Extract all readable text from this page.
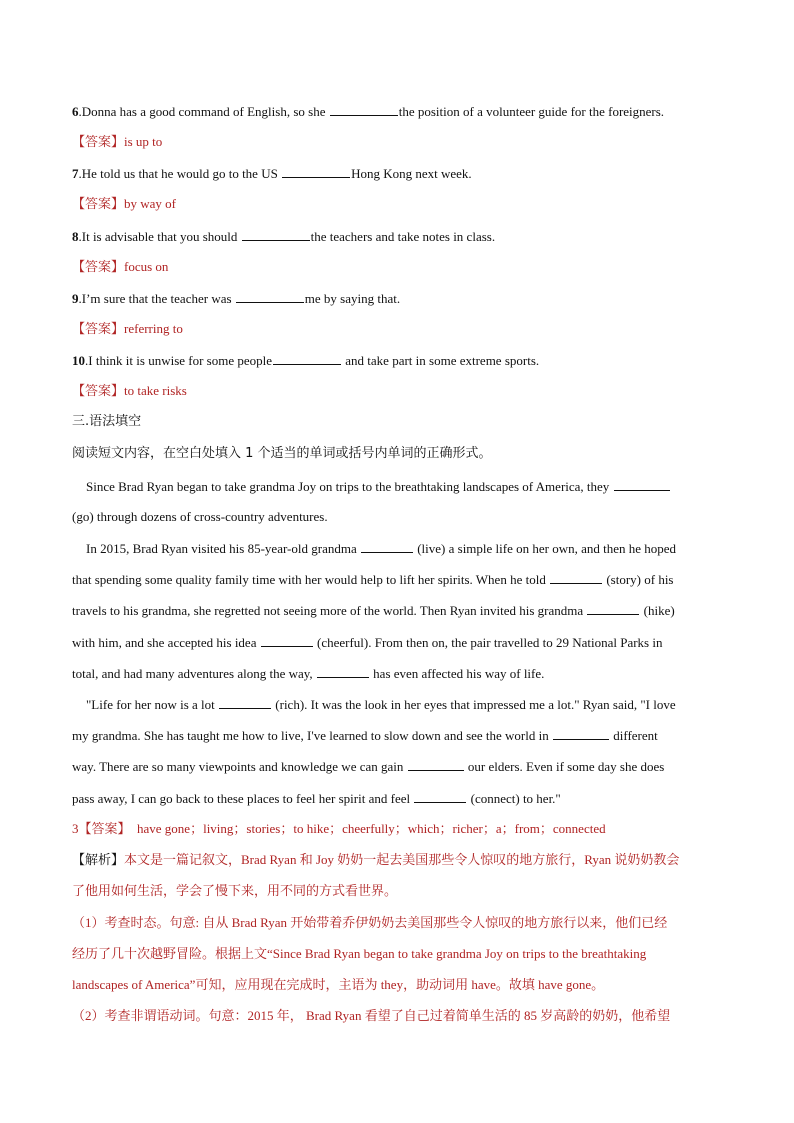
6.Donna has a good command of English, so she	the position of a volunteer guide for the foreigners.
【答案】is up to
7.He told us that he would go to the US	Hong Kong next week.
【答案】by way of
8.It is advisable that you should	the teachers and take notes in class.
【答案】focus on
9.I’m sure that the teacher was	me by saying that.
【答案】referring to
10.I think it is unwise for some people	and take part in some extreme sports.
【答案】to take risks
三.语法填空
阅读短文内容，在空白处填入 1 个适当的单词或括号内单词的正确形式。
Since Brad Ryan began to take grandma Joy on trips to the breathtaking landscapes of America, they
(go) through dozens of cross-country adventures.
In 2015, Brad Ryan visited his 85-year-old grandma	(live) a simple life on her own, and then he hoped
that spending some quality family time with her would help to lift her spirits. When he told	(story) of his
travels to his grandma, she regretted not seeing more of the world. Then Ryan invited his grandma	(hike)
with him, and she accepted his idea	(cheerful). From then on, the pair travelled to 29 National Parks in
total, and had many adventures along the way,	has even affected his way of life.
"Life for her now is a lot	(rich). It was the look in her eyes that impressed me a lot." Ryan said, "I love
my grandma. She has taught me how to live, I've learned to slow down and see the world in	different
way. There are so many viewpoints and knowledge we can gain	our elders. Even if some day she does
pass away, I can go back to these places to feel her spirit and feel	(connect) to her."
3【答案】 have gone；living；stories；to hike；cheerfully；which；richer；a；from；connected
【解析】本文是一篇记叙文，Brad Ryan 和 Joy 奶奶一起去美国那些令人惊叹的地方旅行，Ryan 说奶奶教会
了他用如何生活，学会了慢下来，用不同的方式看世界。
（1）考查时态。句意: 自从 Brad Ryan 开始带着乔伊奶奶去美国那些令人惊叹的地方旅行以来，他们已经
经历了几十次越野冒险。根据上文“Since Brad Ryan began to take grandma Joy on trips to the breathtaking
landscapes of America”可知，应用现在完成时，主语为 they，助动词用 have。故填 have gone。
（2）考查非谓语动词。句意：2015 年， Brad Ryan 看望了自己过着简单生活的 85 岁高龄的奶奶，他希望
